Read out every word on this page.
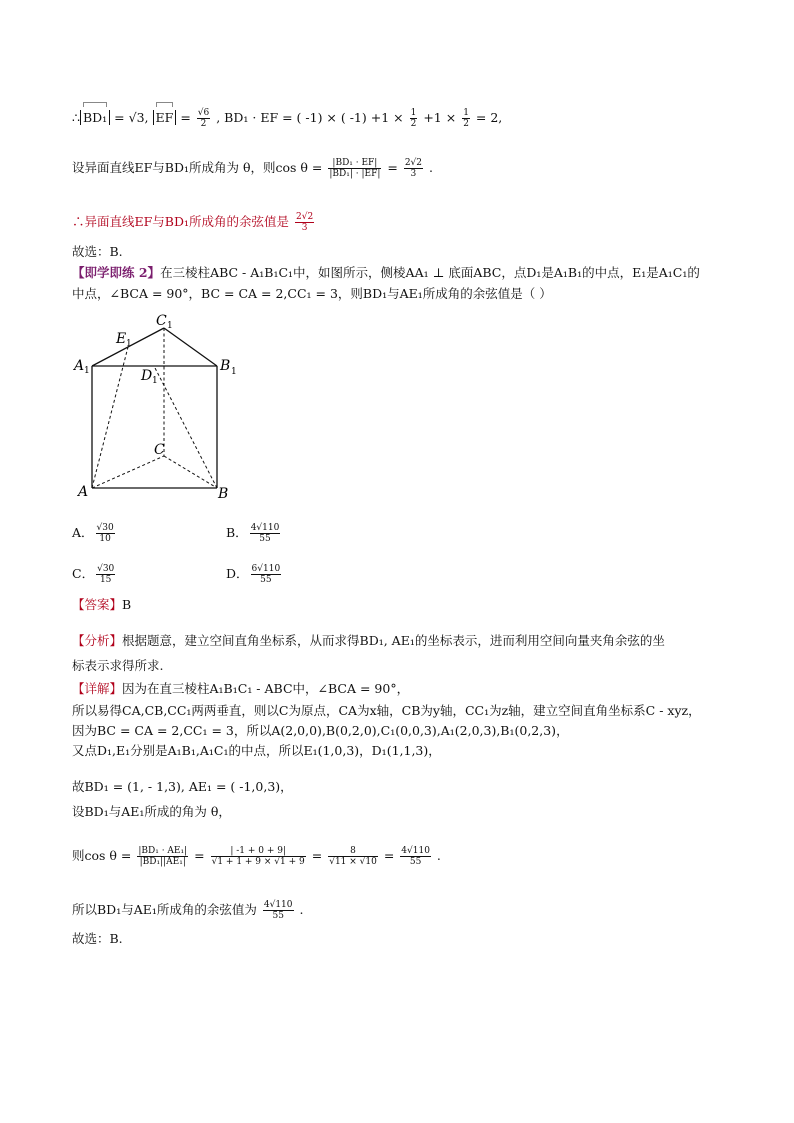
∴ BD₁ = √3, EF = $\frac{√6}{2}$ , BD₁ · EF = ( -1) × ( $-1) +1 \times \frac{1}{2} +1 \times \frac{1}{2} = 2$,
设异面直线EF与BD₁所成角为 θ，则$\cos \theta = \frac{\text{|BD₁ · EF|}}{\text{|BD₁| · |EF|}} = \frac{2√2}{3}$ .
∴异面直线EF与BD₁所成角的余弦值是 $\frac{2√2}{3}$
故选：B.
【即学即练 2】在三棱柱ABC - A₁B₁C₁中，如图所示，侧棱AA₁ ⊥ 底面ABC，点D₁是A₁B₁的中点，E₁是A₁C₁的
中点，∠BCA = 90°，BC = CA = 2,CC₁ = 3，则BD₁与AE₁所成角的余弦值是（ ）
C 1
E 1
A 1	B 1
D 1
C
A	B
A． $\frac{√30}{10}$	B． $\frac{4√110}{55}$
C． $\frac{√30}{15}$	D． $\frac{6√110}{55}$
【答案】B
【分析】根据题意，建立空间直角坐标系，从而求得BD₁, AE₁的坐标表示，进而利用空间向量夹角余弦的坐
标表示求得所求.
【详解】因为在直三棱柱A₁B₁C₁ - ABC中，∠BCA = 90°，
所以易得CA,CB,CC₁两两垂直，则以C为原点，CA为x轴，CB为y轴，CC₁为z轴，建立空间直角坐标系C - xyz，
因为BC = CA = 2,CC₁ = 3，所以A(2,0,0),B(0,2,0),C₁(0,0,3),A₁(2,0,3),B₁(0,2,3)，
又点D₁,E₁分别是A₁B₁,A₁C₁的中点，所以E₁(1,0,3)，D₁(1,1,3)，
故BD₁ = (1, - 1,3), AE₁ = ( -1,0,3)，
设BD₁与AE₁所成的角为 θ，
则$\cos \theta = \frac{\text{|BD₁ · AE₁|}}{\text{|BD₁||AE₁|}} = \frac{| -1 + 0 + 9|}{√1 + 1 + 9 \times √1 + 9} = \frac{8}{√11 \times √10} = \frac{4√110}{55}$ .
所以BD₁与AE₁所成角的余弦值为 $\frac{4√110}{55}$ .
故选：B.
